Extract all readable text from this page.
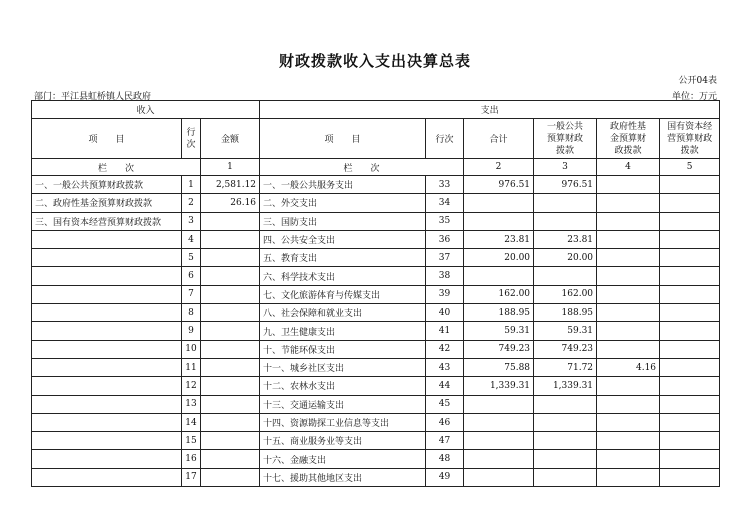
财政拨款收入支出决算总表
公开04表
部门：平江县虹桥镇人民政府	单位：万元
收入			支出					
项　　目	行
次	金额	项　　目	行次	合计	一般公共
预算财政
拨款	政府性基
金预算财
政拨款	国有资本经
营预算财政
拨款
栏　　次		1	栏　　次		2	3	4	5
一、一般公共预算财政拨款	1	2,581.12	一、一般公共服务支出	33	976.51	976.51		
二、政府性基金预算财政拨款	2	26.16	二、外交支出	34				
三、国有资本经营预算财政拨款	3		三、国防支出	35				
	4		四、公共安全支出	36	23.81	23.81		
	5		五、教育支出	37	20.00	20.00		
	6		六、科学技术支出	38				
	7		七、文化旅游体育与传媒支出	39	162.00	162.00		
	8		八、社会保障和就业支出	40	188.95	188.95		
	9		九、卫生健康支出	41	59.31	59.31		
	10		十、节能环保支出	42	749.23	749.23		
	11		十一、城乡社区支出	43	75.88	71.72	4.16	
	12		十二、农林水支出	44	1,339.31	1,339.31		
	13		十三、交通运输支出	45				
	14		十四、资源勘探工业信息等支出	46				
	15		十五、商业服务业等支出	47				
	16		十六、金融支出	48				
	17		十七、援助其他地区支出	49				
